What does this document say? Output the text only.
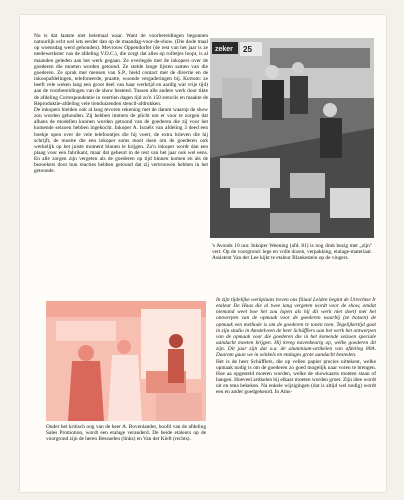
Nu is dat laatste niet helemaal waar. Want de voorbereidingen begonnen natuurlijk echt wel iets eerder dan op de maandag-voor-de-show. (Die dode maal op woensdag werd gehouden). Mevrouw Oppendorfer (de rest van het jaar is ze medewerkster van de afdeling V.O.C.), die zorgt dat alles op rolletjes loopt, is al maanden geleden aan het werk gegaan. Ze overlegde met de inkopers over de goederen die moeten worden getoond. Ze stelde lange lijsten samen van die goederen. Ze sprak met mensen van S.P., hield contact met de directie en de inkoopafdelingen, telefoneerde, praatte, woonde vergaderingen bij. Kortom: ze heeft vele weken lang een groot deel van haar werktijd en aardig wat vrije tijd) aan de voorbereidingen van de show besteed. Tussen alle andere werk door tikte de afdeling Correspondentie in veertien dagen tijd zo'n 150 stencils en maakte de Reproduktie-afdeling vele tienduizenden stencil-afdrukken.

De inkopers hielden ook al lang tevoren rekening met de datum waarop de show zou worden gehouden. Zij hebben immers de plicht om er voor te zorgen dat alhans de modellen kunnen worden getoond van de goederen die zij voor het komende seizoen hebben ingekocht. Inkoper A. Israëls van afdeling 3 deed een boekje open over de vele telefoontjes die hij voert, de extra brieven die hij schrijft, de moeite die een inkoper soms moet doen om de goederen ook werkelijk op het juiste moment binnen te krijgen. Zo'n inkoper wordt dan een plaag voor een fabrikant, maar dat gebeurt in de rest van het jaar ook wel eens. En alle zorgen zijn vergeten als de goederen op tijd binnen komen en als de bezoekers door hun reacties hebben getoond dat zij vertrouwen hebben in het getoonde.

zeker 25
's Avonds 10 uur. Inkoper Weening (afd. 81) is nog druk bezig met „zijn" vert. Op de voorgrond: lege en volle dozen, verpakking, etalage-materiaal. Assistent Van der Lee kijkt te etaleur Blankestein op de vingers.
Onder het kritisch oog van de heer A. Bovenlander, hoofd van de afdeling Sales Promotion, wordt een etalage veranderd. De beide etaleurs op de voorgrond zijn de heren Bessuelen (links) en Van der Kieft (rechts).

In zijn tijdelijke werkplaats boven ons filiaal Leiden begint de Utrechtse Ir etaleur De Haas die al twee lang vergeten wordt voor de show, omdat niemand weet hoe het zou lopen als hij dit werk niet doet) met het ontwerpen van de opmaak voor de goederen waarbij (ze botsen) de opmaak een methode is om de goederen te tonen toen. Tegelijkertijd gaat in zijn studio in Amstelveen de heer Schüfflers aan het werk het ontwerpen van de opmaak voor die goederen die in het komende seizoen speciale aandacht moeten krijgen. Hij kreeg navenkeurig op, welke goederen dit zijn. Dit jaar zijn dat o.a. de aluminium-artikelen van afdeling 80A. Daarom gaan we in winkels en etalages grote aandacht besteden.

Het is de heer Schüfflers, die op vellen papier precies uittekent, welke opmaak nodig is om de goederen zo goed mogelijk naar voren te brengen. Hoe aa opgesteld moeten worden, welke de showkaarts moeten staan of hangen. Hoeveel artikelen bij elkaar moeten worden groet. Zijn idee wordt uit en tena bekeken. Na enkele wijzigingen (dat is altijd wel nodig) wordt een en ander goedgekeurd. In Ams-
